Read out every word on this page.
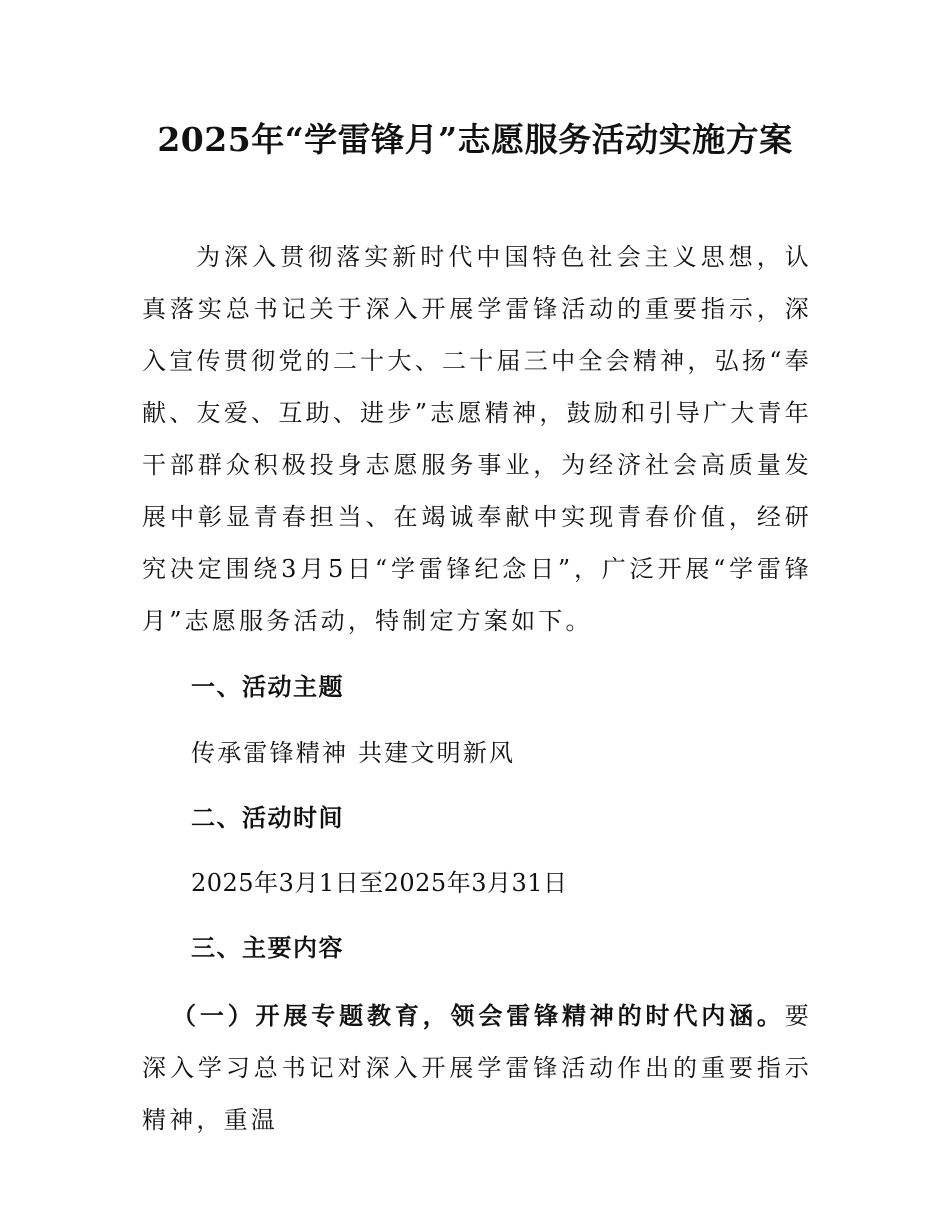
2025年“学雷锋月”志愿服务活动实施方案

为深入贯彻落实新时代中国特色社会主义思想，认真落实总书记关于深入开展学雷锋活动的重要指示，深入宣传贯彻党的二十大、二十届三中全会精神，弘扬“奉献、友爱、互助、进步”志愿精神，鼓励和引导广大青年干部群众积极投身志愿服务事业，为经济社会高质量发展中彰显青春担当、在竭诚奉献中实现青春价值，经研究决定围绕3月5日“学雷锋纪念日”，广泛开展“学雷锋月”志愿服务活动，特制定方案如下。

一、活动主题

传承雷锋精神 共建文明新风

二、活动时间

2025年3月1日至2025年3月31日

三、主要内容

（一）开展专题教育，领会雷锋精神的时代内涵。要深入学习总书记对深入开展学雷锋活动作出的重要指示精神，重温
